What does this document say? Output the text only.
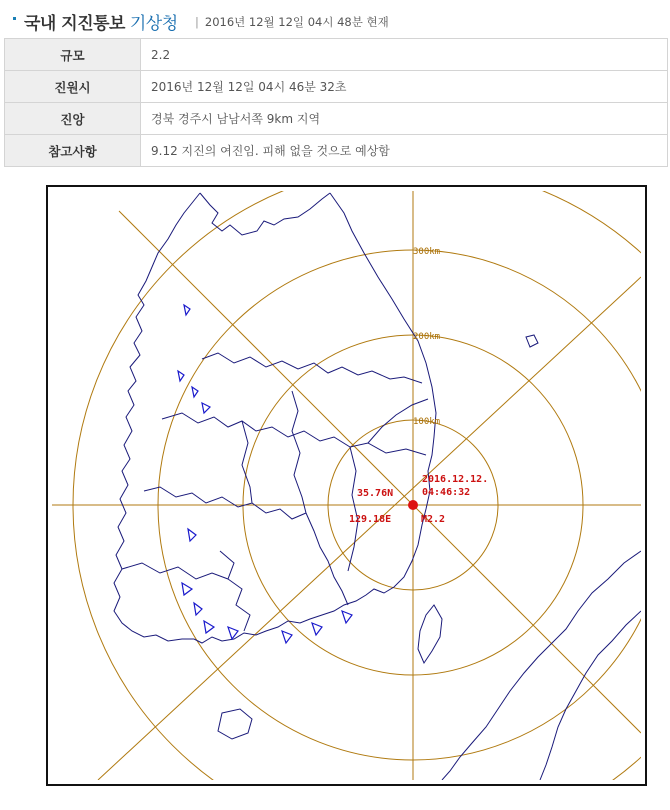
국내 지진통보 기상청 | 2016년 12월 12일 04시 48분 현재
규모	2.2
진원시	2016년 12월 12일 04시 46분 32초
진앙	경북 경주시 남남서쪽 9km 지역
참고사항	9.12 지진의 여진임. 피해 없을 것으로 예상함
100km
200km
300km
35.76N
129.18E
2016.12.12.
04:46:32
M2.2
